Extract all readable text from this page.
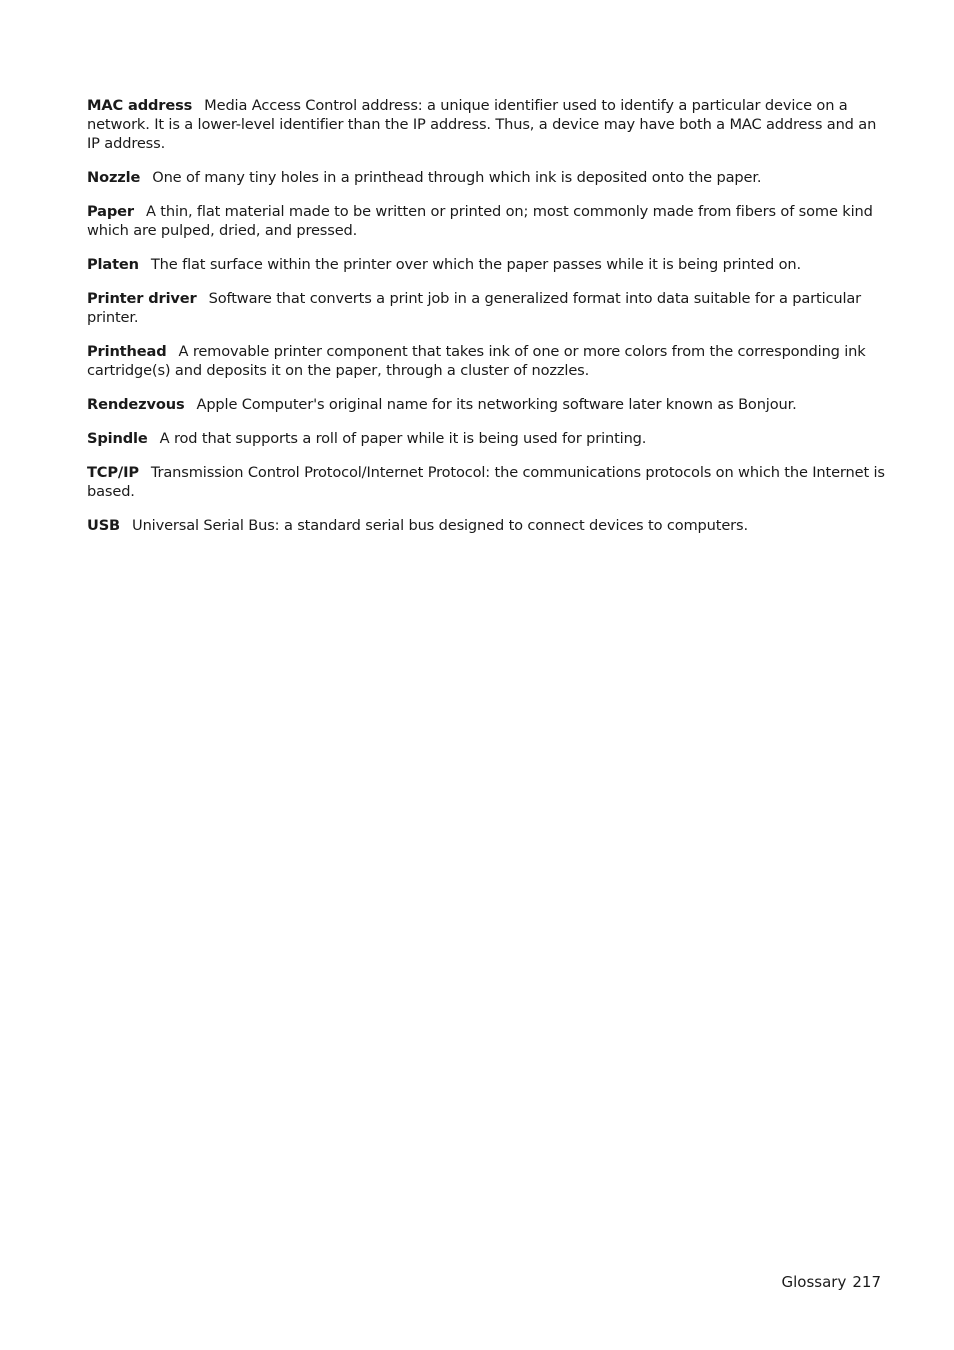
MAC address Media Access Control address: a unique identifier used to identify a particular device on a network. It is a lower-level identifier than the IP address. Thus, a device may have both a MAC address and an IP address.

Nozzle One of many tiny holes in a printhead through which ink is deposited onto the paper.

Paper A thin, flat material made to be written or printed on; most commonly made from fibers of some kind which are pulped, dried, and pressed.

Platen The flat surface within the printer over which the paper passes while it is being printed on.

Printer driver Software that converts a print job in a generalized format into data suitable for a particular printer.

Printhead A removable printer component that takes ink of one or more colors from the corresponding ink cartridge(s) and deposits it on the paper, through a cluster of nozzles.

Rendezvous Apple Computer's original name for its networking software later known as Bonjour.

Spindle A rod that supports a roll of paper while it is being used for printing.

TCP/IP Transmission Control Protocol/Internet Protocol: the communications protocols on which the Internet is based.

USB Universal Serial Bus: a standard serial bus designed to connect devices to computers.

Glossary 217
